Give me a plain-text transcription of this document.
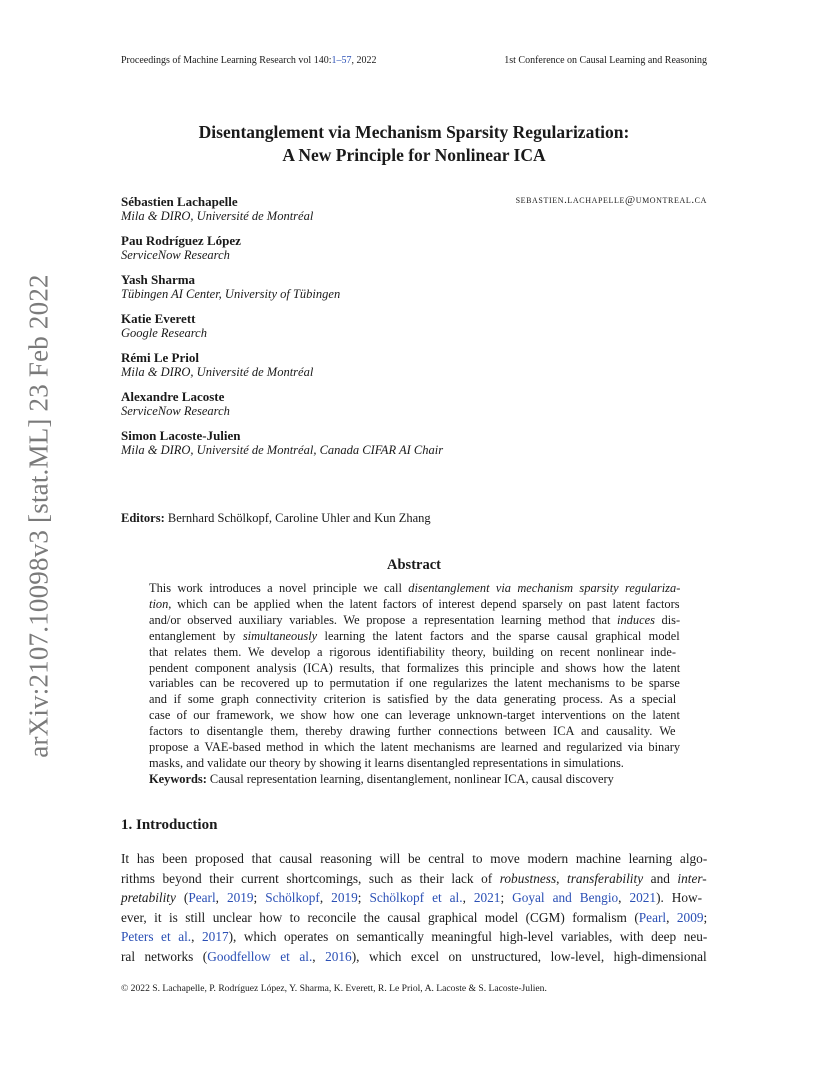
Proceedings of Machine Learning Research vol 140:1–57, 2022	1st Conference on Causal Learning and Reasoning
arXiv:2107.10098v3 [stat.ML] 23 Feb 2022
Disentanglement via Mechanism Sparsity Regularization:
A New Principle for Nonlinear ICA
Sébastien Lachapelle
Mila & DIRO, Université de Montréal
sebastien.lachapelle@umontreal.ca
Pau Rodríguez López
ServiceNow Research
Yash Sharma
Tübingen AI Center, University of Tübingen
Katie Everett
Google Research
Rémi Le Priol
Mila & DIRO, Université de Montréal
Alexandre Lacoste
ServiceNow Research
Simon Lacoste-Julien
Mila & DIRO, Université de Montréal, Canada CIFAR AI Chair
Editors: Bernhard Schölkopf, Caroline Uhler and Kun Zhang
Abstract
This work introduces a novel principle we call disentanglement via mechanism sparsity regulariza-
tion, which can be applied when the latent factors of interest depend sparsely on past latent factors
and/or observed auxiliary variables. We propose a representation learning method that induces dis-
entanglement by simultaneously learning the latent factors and the sparse causal graphical model
that relates them. We develop a rigorous identifiability theory, building on recent nonlinear inde-
pendent component analysis (ICA) results, that formalizes this principle and shows how the latent
variables can be recovered up to permutation if one regularizes the latent mechanisms to be sparse
and if some graph connectivity criterion is satisfied by the data generating process. As a special
case of our framework, we show how one can leverage unknown-target interventions on the latent
factors to disentangle them, thereby drawing further connections between ICA and causality. We
propose a VAE-based method in which the latent mechanisms are learned and regularized via binary
masks, and validate our theory by showing it learns disentangled representations in simulations.
Keywords: Causal representation learning, disentanglement, nonlinear ICA, causal discovery
1. Introduction
It has been proposed that causal reasoning will be central to move modern machine learning algo-
rithms beyond their current shortcomings, such as their lack of robustness, transferability and inter-
pretability (Pearl, 2019; Schölkopf, 2019; Schölkopf et al., 2021; Goyal and Bengio, 2021). How-
ever, it is still unclear how to reconcile the causal graphical model (CGM) formalism (Pearl, 2009;
Peters et al., 2017), which operates on semantically meaningful high-level variables, with deep neu-
ral networks (Goodfellow et al., 2016), which excel on unstructured, low-level, high-dimensional
© 2022 S. Lachapelle, P. Rodríguez López, Y. Sharma, K. Everett, R. Le Priol, A. Lacoste & S. Lacoste-Julien.
